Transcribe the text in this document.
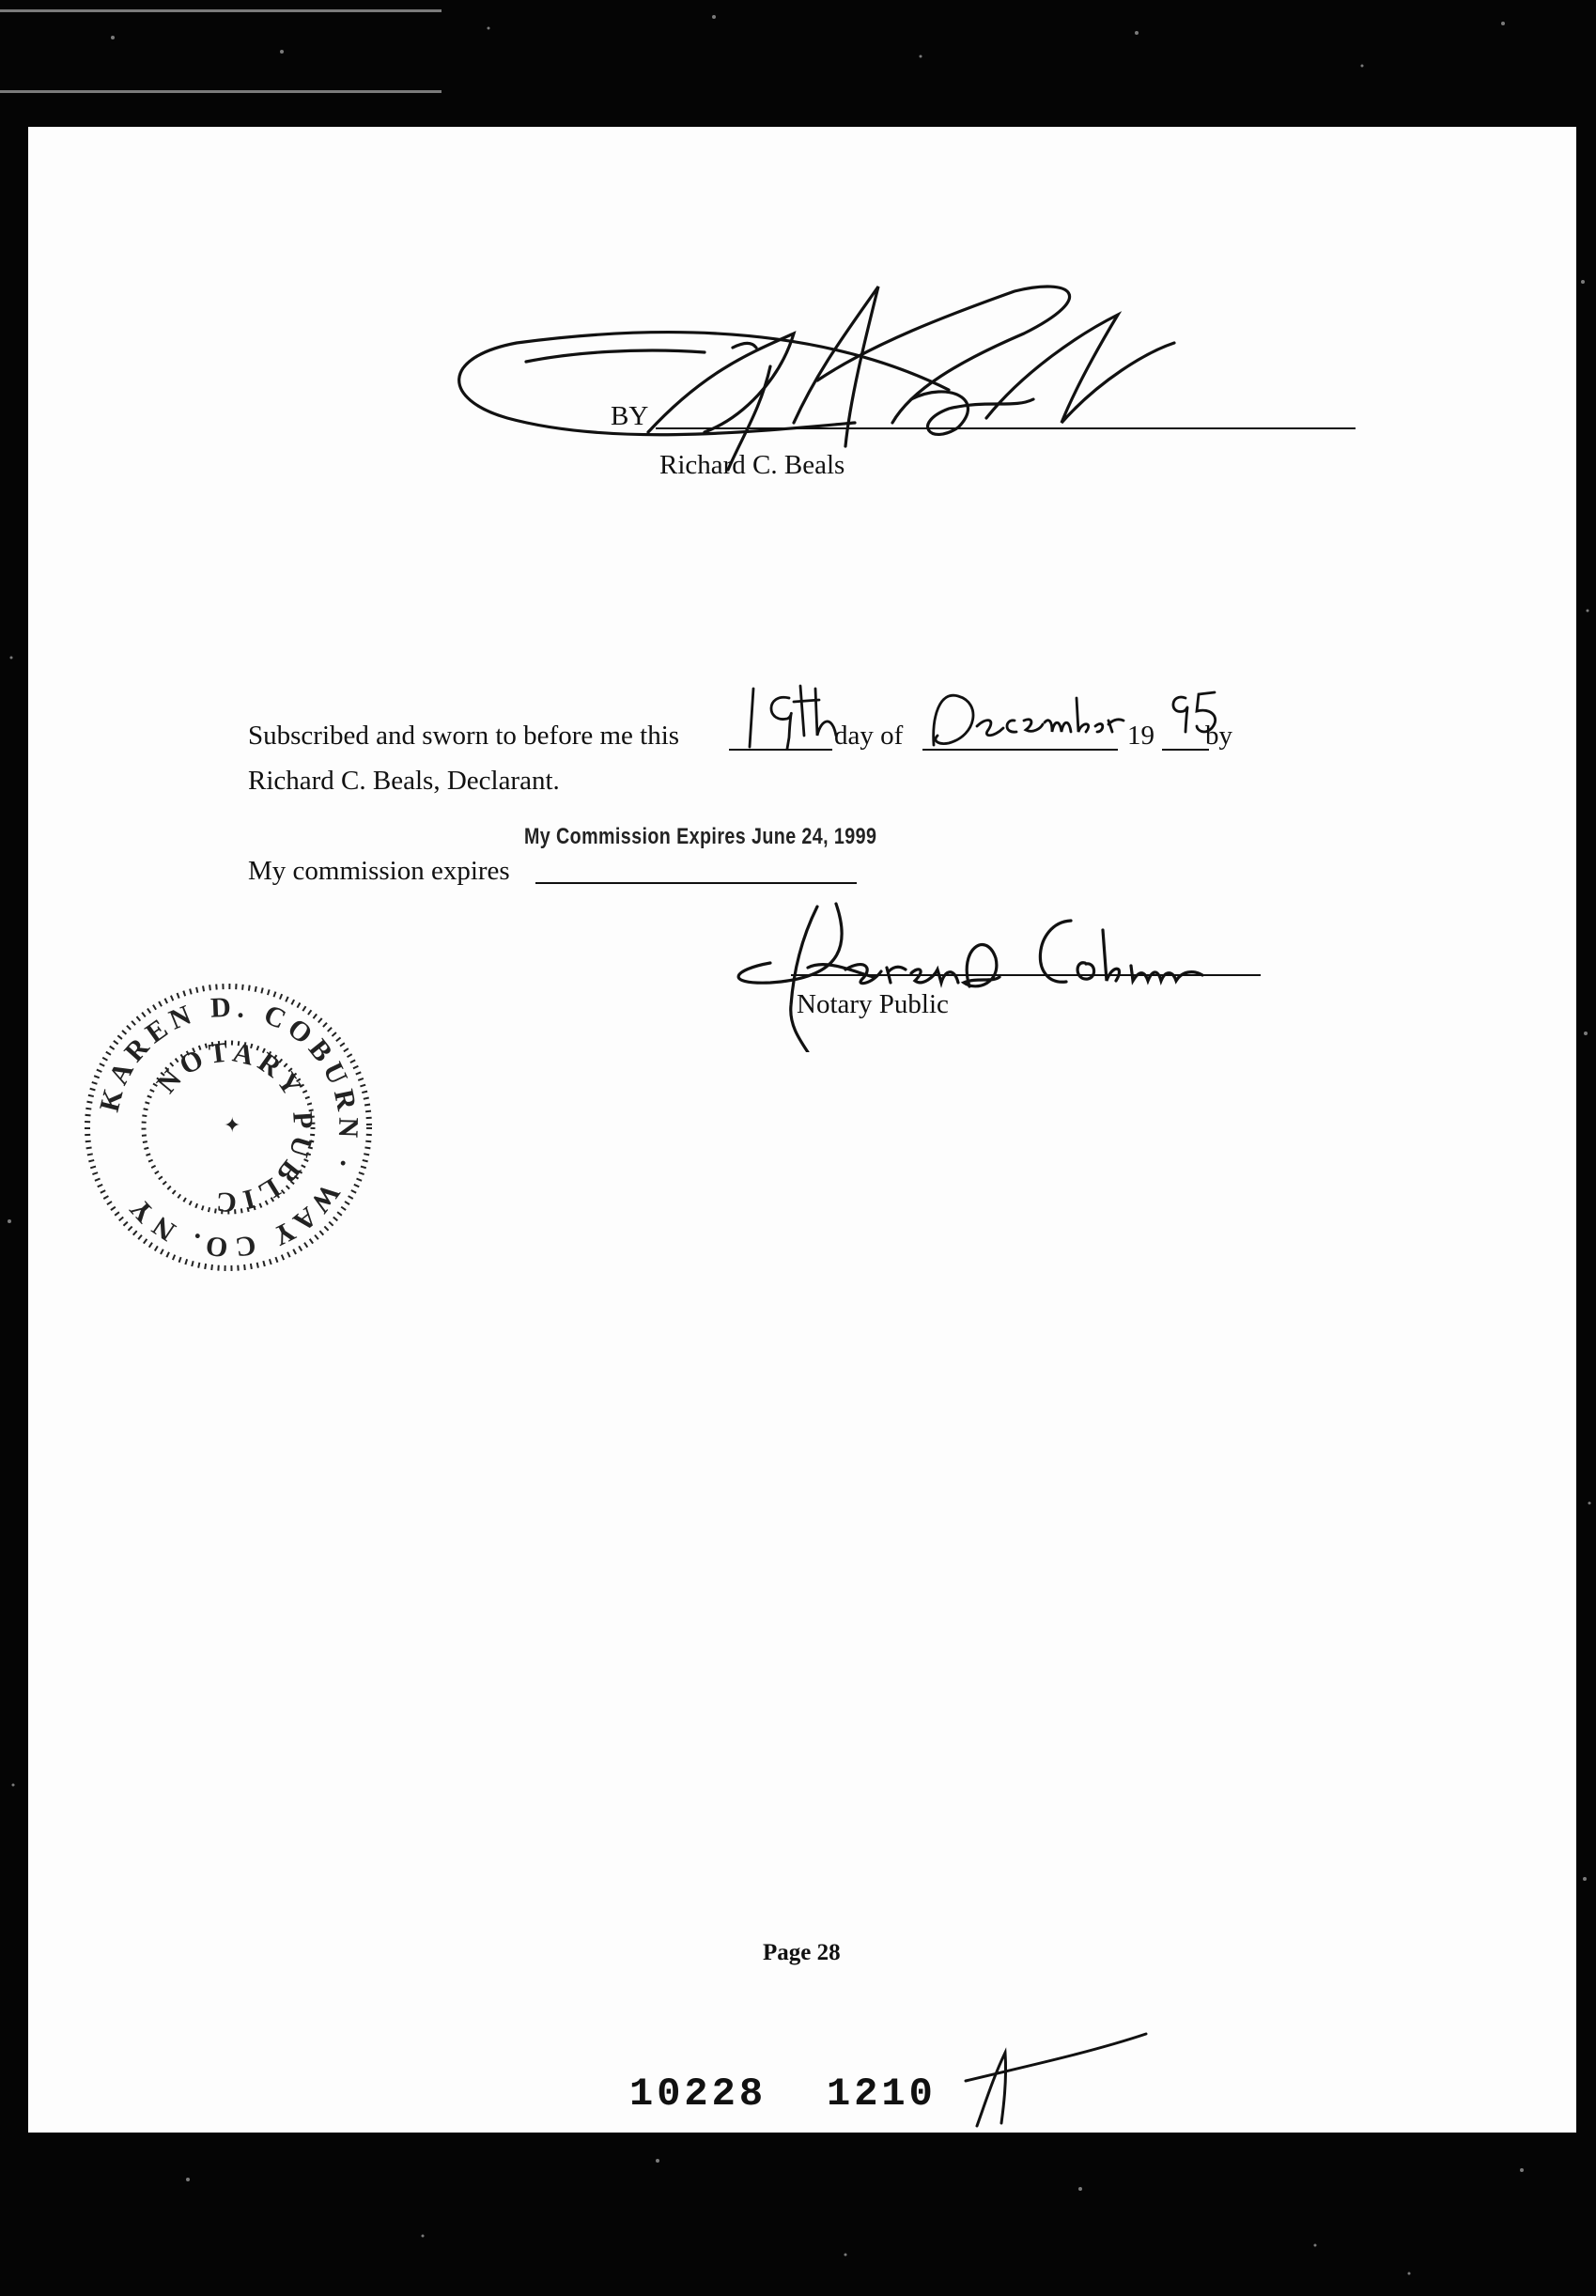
BY
Richard C. Beals
Subscribed and sworn to before me this	day of	19 by
Richard C. Beals, Declarant.
My Commission Expires June 24, 1999
My commission expires
Notary Public
KAREN D. COBURN · WAY CO. NY
NOTARY PUBLIC
✦
Page 28
10228 1210
